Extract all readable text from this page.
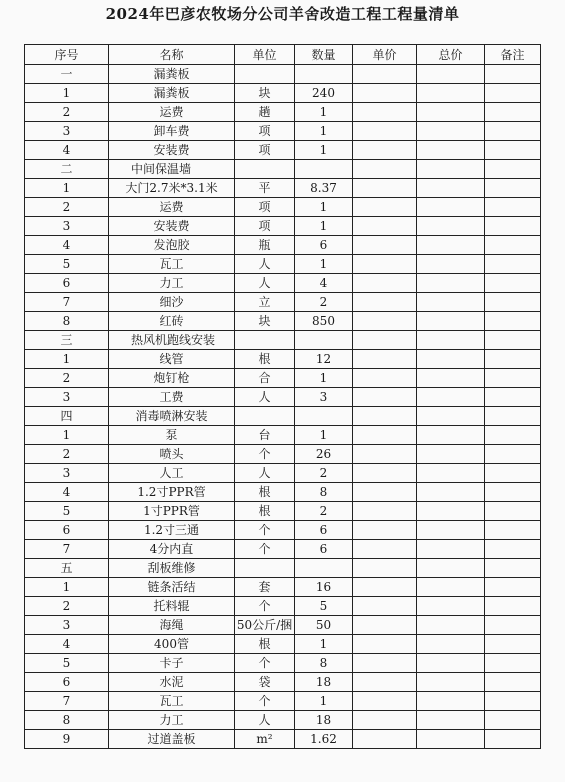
2024年巴彦农牧场分公司羊舍改造工程工程量清单
序号	名称	单位	数量	单价	总价	备注
一	漏粪板					
1	漏粪板	块	240			
2	运费	趟	1			
3	卸车费	项	1			
4	安装费	项	1			
二	中间保温墙					
1	大门2.7米*3.1米	平	8.37			
2	运费	项	1			
3	安装费	项	1			
4	发泡胶	瓶	6			
5	瓦工	人	1			
6	力工	人	4			
7	细沙	立	2			
8	红砖	块	850			
三	热风机跑线安装					
1	线管	根	12			
2	炮钉枪	合	1			
3	工费	人	3			
四	消毒喷淋安装					
1	泵	台	1			
2	喷头	个	26			
3	人工	人	2			
4	1.2寸PPR管	根	8			
5	1寸PPR管	根	2			
6	1.2寸三通	个	6			
7	4分内直	个	6			
五	刮板维修					
1	链条活结	套	16			
2	托料辊	个	5			
3	海绳	50公斤/捆	50			
4	400管	根	1			
5	卡子	个	8			
6	水泥	袋	18			
7	瓦工	个	1			
8	力工	人	18			
9	过道盖板	m²	1.62			
